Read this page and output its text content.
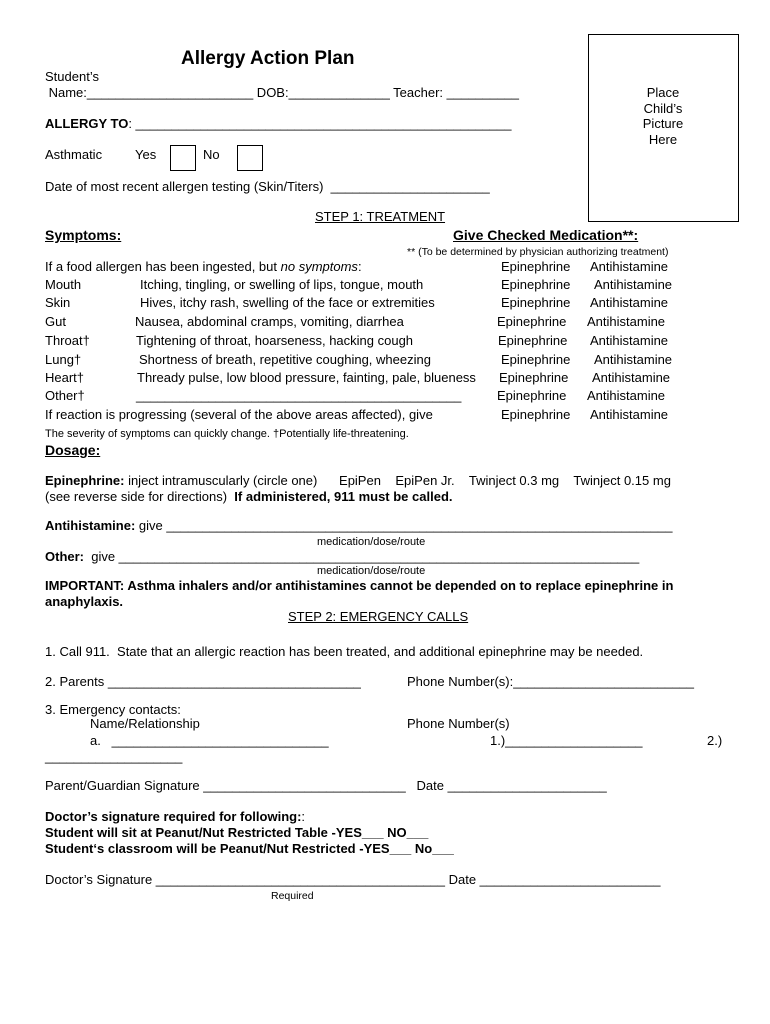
Allergy Action Plan
Student’s
Name:_______________________ DOB:______________ Teacher: __________
ALLERGY TO: ____________________________________________________
Asthmatic	Yes	No
Date of most recent allergen testing (Skin/Titers)  ______________________
Place
Child’s
Picture
Here
STEP 1: TREATMENT
Symptoms:	Give Checked Medication**:
** (To be determined by physician authorizing treatment)
If a food allergen has been ingested, but no symptoms:	Epinephrine Antihistamine
Mouth	Itching, tingling, or swelling of lips, tongue, mouth	Epinephrine Antihistamine
Skin	Hives, itchy rash, swelling of the face or extremities	Epinephrine Antihistamine
Gut	Nausea, abdominal cramps, vomiting, diarrhea	Epinephrine Antihistamine
Throat†	Tightening of throat, hoarseness, hacking cough	Epinephrine Antihistamine
Lung†	Shortness of breath, repetitive coughing, wheezing	Epinephrine Antihistamine
Heart†	Thready pulse, low blood pressure, fainting, pale, blueness Epinephrine Antihistamine
Other†	_____________________________________________	Epinephrine Antihistamine
If reaction is progressing (several of the above areas affected), give	Epinephrine Antihistamine
The severity of symptoms can quickly change. †Potentially life-threatening.
Dosage:
Epinephrine: inject intramuscularly (circle one)      EpiPen    EpiPen Jr.    Twinject 0.3 mg    Twinject 0.15 mg
(see reverse side for directions)  If administered, 911 must be called.
Antihistamine: give ______________________________________________________________________
medication/dose/route
Other:  give ________________________________________________________________________
medication/dose/route
IMPORTANT: Asthma inhalers and/or antihistamines cannot be depended on to replace epinephrine in
anaphylaxis.
STEP 2: EMERGENCY CALLS
1. Call 911.  State that an allergic reaction has been treated, and additional epinephrine may be needed.
2. Parents ___________________________________	Phone Number(s):_________________________
3. Emergency contacts:
Name/Relationship	Phone Number(s)
a.   ______________________________	1.)___________________	2.)
___________________
Parent/Guardian Signature ____________________________   Date ______________________
Doctor’s signature required for following::
Student will sit at Peanut/Nut Restricted Table -YES___ NO___
Student‘s classroom will be Peanut/Nut Restricted -YES___ No___
Doctor’s Signature ________________________________________ Date _________________________
Required
